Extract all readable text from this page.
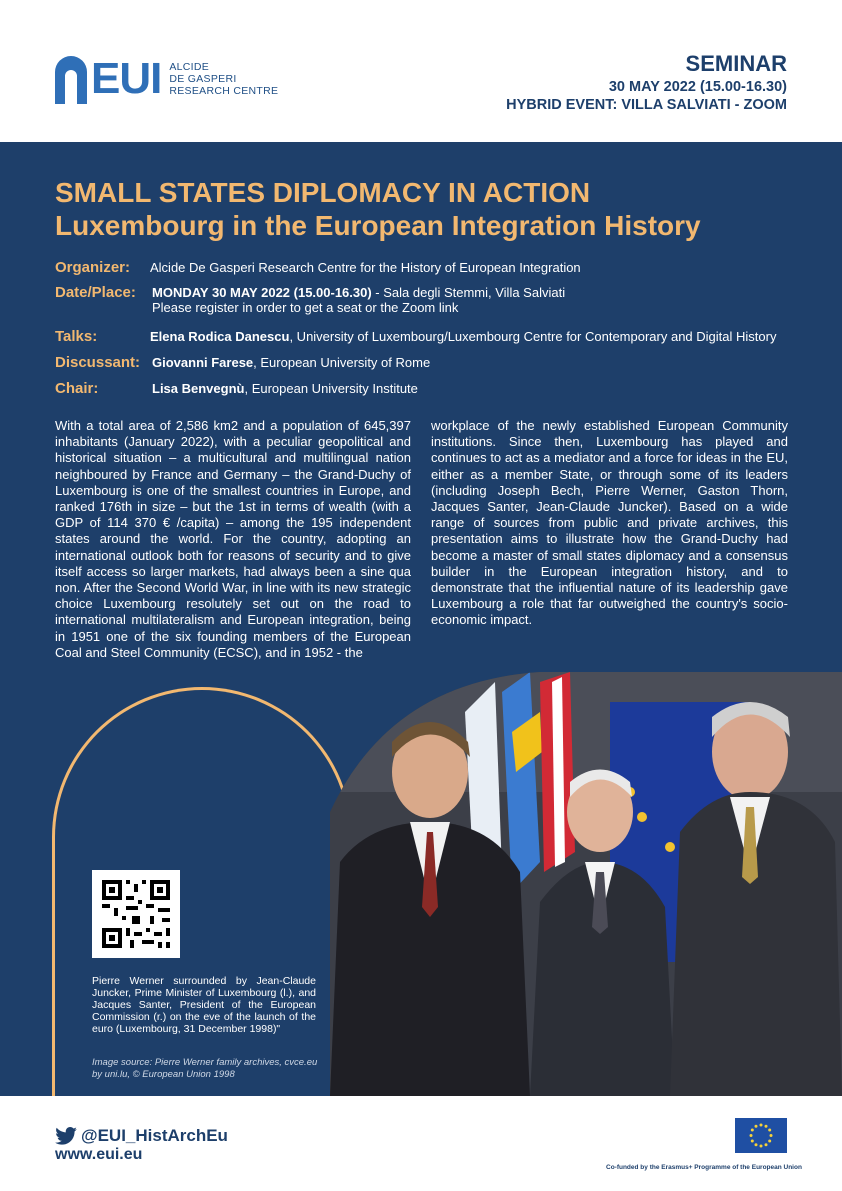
EUI ALCIDE
DE GASPERI
RESEARCH CENTRE
SEMINAR
30 MAY 2022 (15.00-16.30)
HYBRID EVENT: VILLA SALVIATI - ZOOM
SMALL STATES DIPLOMACY IN ACTION
Luxembourg in the European Integration History
Organizer: Alcide De Gasperi Research Centre for the History of European Integration
Date/Place: MONDAY 30 MAY 2022 (15.00-16.30) - Sala degli Stemmi, Villa Salviati
Please register in order to get a seat or the Zoom link
Talks:	Elena Rodica Danescu, University of Luxembourg/Luxembourg Centre for Contemporary and Digital History
Discussant: Giovanni Farese, European University of Rome
Chair:	Lisa Benvegnù, European University Institute
With a total area of 2,586 km2 and a population of 645,397 inhabitants (January 2022), with a peculiar geopolitical and historical situation – a multicultural and multilingual nation neighboured by France and Germany – the Grand-Duchy of Luxembourg is one of the smallest countries in Europe, and ranked 176th in size – but the 1st in terms of wealth (with a GDP of 114 370 € /capita) – among the 195 independent states around the world. For the country, adopting an international outlook both for reasons of security and to give itself access so larger markets, had always been a sine qua non. After the Second World War, in line with its new strategic choice Luxembourg resolutely set out on the road to international multilateralism and European integration, being in 1951 one of the six founding members of the European Coal and Steel Community (ECSC), and in 1952 - the
workplace of the newly established European Community institutions. Since then, Luxembourg has played and continues to act as a mediator and a force for ideas in the EU, either as a member State, or through some of its leaders (including Joseph Bech, Pierre Werner, Gaston Thorn, Jacques Santer, Jean-Claude Juncker). Based on a wide range of sources from public and private archives, this presentation aims to illustrate how the Grand-Duchy had become a master of small states diplomacy and a consensus builder in the European integration history, and to demonstrate that the influential nature of its leadership gave Luxembourg a role that far outweighed the country's socio-economic impact.
Pierre Werner surrounded by Jean-Claude Juncker, Prime Minister of Luxembourg (l.), and Jacques Santer, President of the European Commission (r.) on the eve of the launch of the euro (Luxembourg, 31 December 1998)"
Image source: Pierre Werner family archives, cvce.eu by uni.lu, © European Union 1998
@EUI_HistArchEu
www.eui.eu
Co-funded by the Erasmus+ Programme of the European Union
